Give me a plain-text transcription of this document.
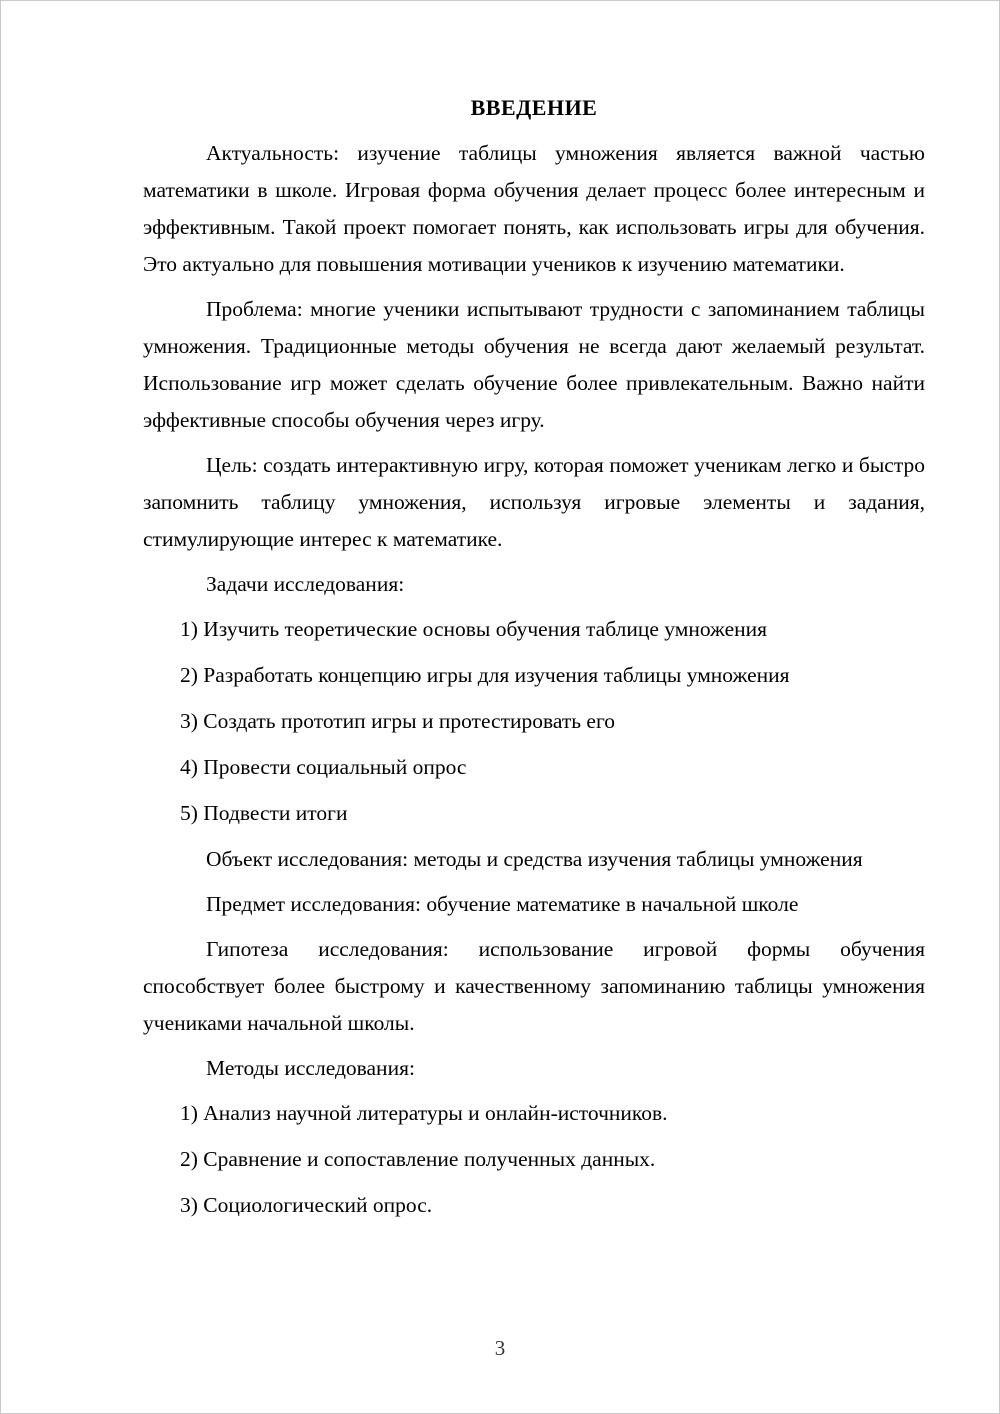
ВВЕДЕНИЕ

Актуальность: изучение таблицы умножения является важной частью математики в школе. Игровая форма обучения делает процесс более интересным и эффективным. Такой проект помогает понять, как использовать игры для обучения. Это актуально для повышения мотивации учеников к изучению математики.

Проблема: многие ученики испытывают трудности с запоминанием таблицы умножения. Традиционные методы обучения не всегда дают желаемый результат. Использование игр может сделать обучение более привлекательным. Важно найти эффективные способы обучения через игру.

Цель: создать интерактивную игру, которая поможет ученикам легко и быстро запомнить таблицу умножения, используя игровые элементы и задания, стимулирующие интерес к математике.

Задачи исследования:

1) Изучить теоретические основы обучения таблице умножения

2) Разработать концепцию игры для изучения таблицы умножения

3) Создать прототип игры и протестировать его

4) Провести социальный опрос

5) Подвести итоги

Объект исследования: методы и средства изучения таблицы умножения

Предмет исследования: обучение математике в начальной школе

Гипотеза исследования: использование игровой формы обучения способствует более быстрому и качественному запоминанию таблицы умножения учениками начальной школы.

Методы исследования:

1) Анализ научной литературы и онлайн-источников.

2) Сравнение и сопоставление полученных данных.

3) Социологический опрос.

3
